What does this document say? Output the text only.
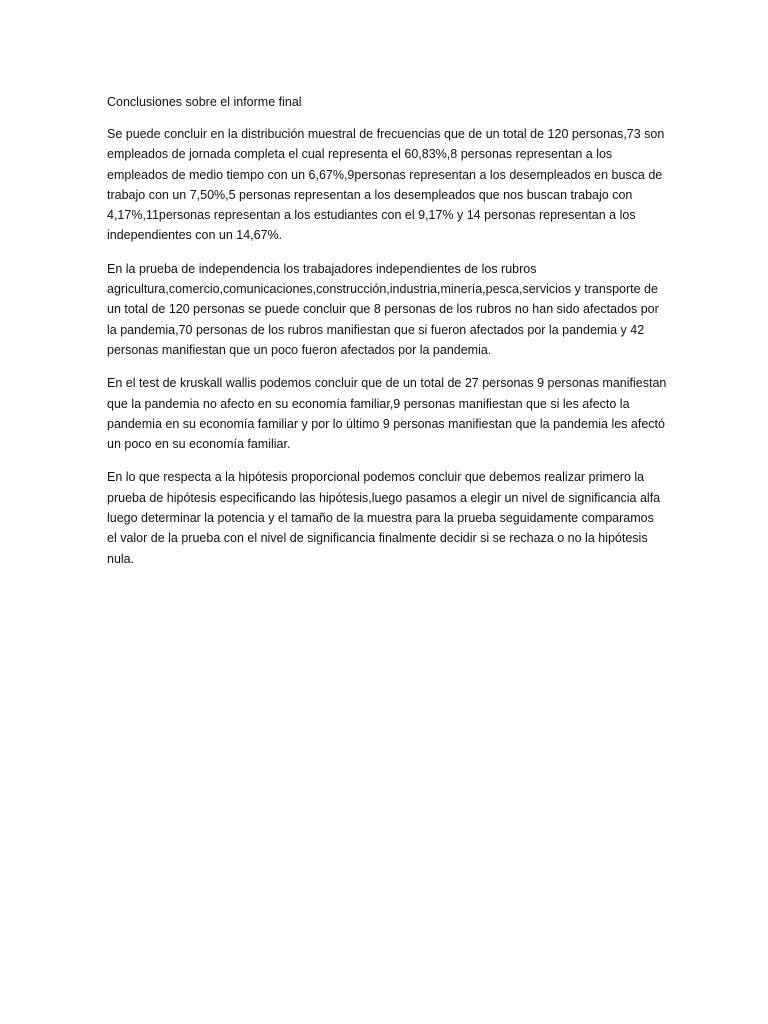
Conclusiones sobre el informe final

Se puede concluir en la distribución muestral de frecuencias que de un total de 120 personas,73 son empleados de jornada completa el cual representa el 60,83%,8 personas representan a los empleados de medio tiempo con un 6,67%,9personas representan a los desempleados en busca de trabajo con un 7,50%,5 personas representan a los desempleados que nos buscan trabajo con 4,17%,11personas representan a los estudiantes con el 9,17% y 14 personas representan a los independientes con un 14,67%.

En la prueba de independencia los trabajadores independientes de los rubros agricultura,comercio,comunicaciones,construcción,industria,minería,pesca,servicios y transporte de un total de 120 personas se puede concluir que 8 personas de los rubros no han sido afectados por la pandemia,70 personas de los rubros manifiestan que si fueron afectados por la pandemia y 42 personas manifiestan que un poco fueron afectados por la pandemia.

En el test de kruskall wallis podemos concluir que de un total de 27 personas 9 personas manifiestan que la pandemia no afecto en su economía familiar,9 personas manifiestan que si les afecto la pandemia en su economía familiar y por lo último 9 personas manifiestan que la pandemia les afectó un poco en su economía familiar.

En lo que respecta a la hipótesis proporcional podemos concluir que debemos realizar primero la prueba de hipótesis especificando las hipótesis,luego pasamos a elegir un nivel de significancia alfa luego determinar la potencia y el tamaño de la muestra para la prueba seguidamente comparamos el valor de la prueba con el nivel de significancia finalmente decidir si se rechaza o no la hipótesis nula.
